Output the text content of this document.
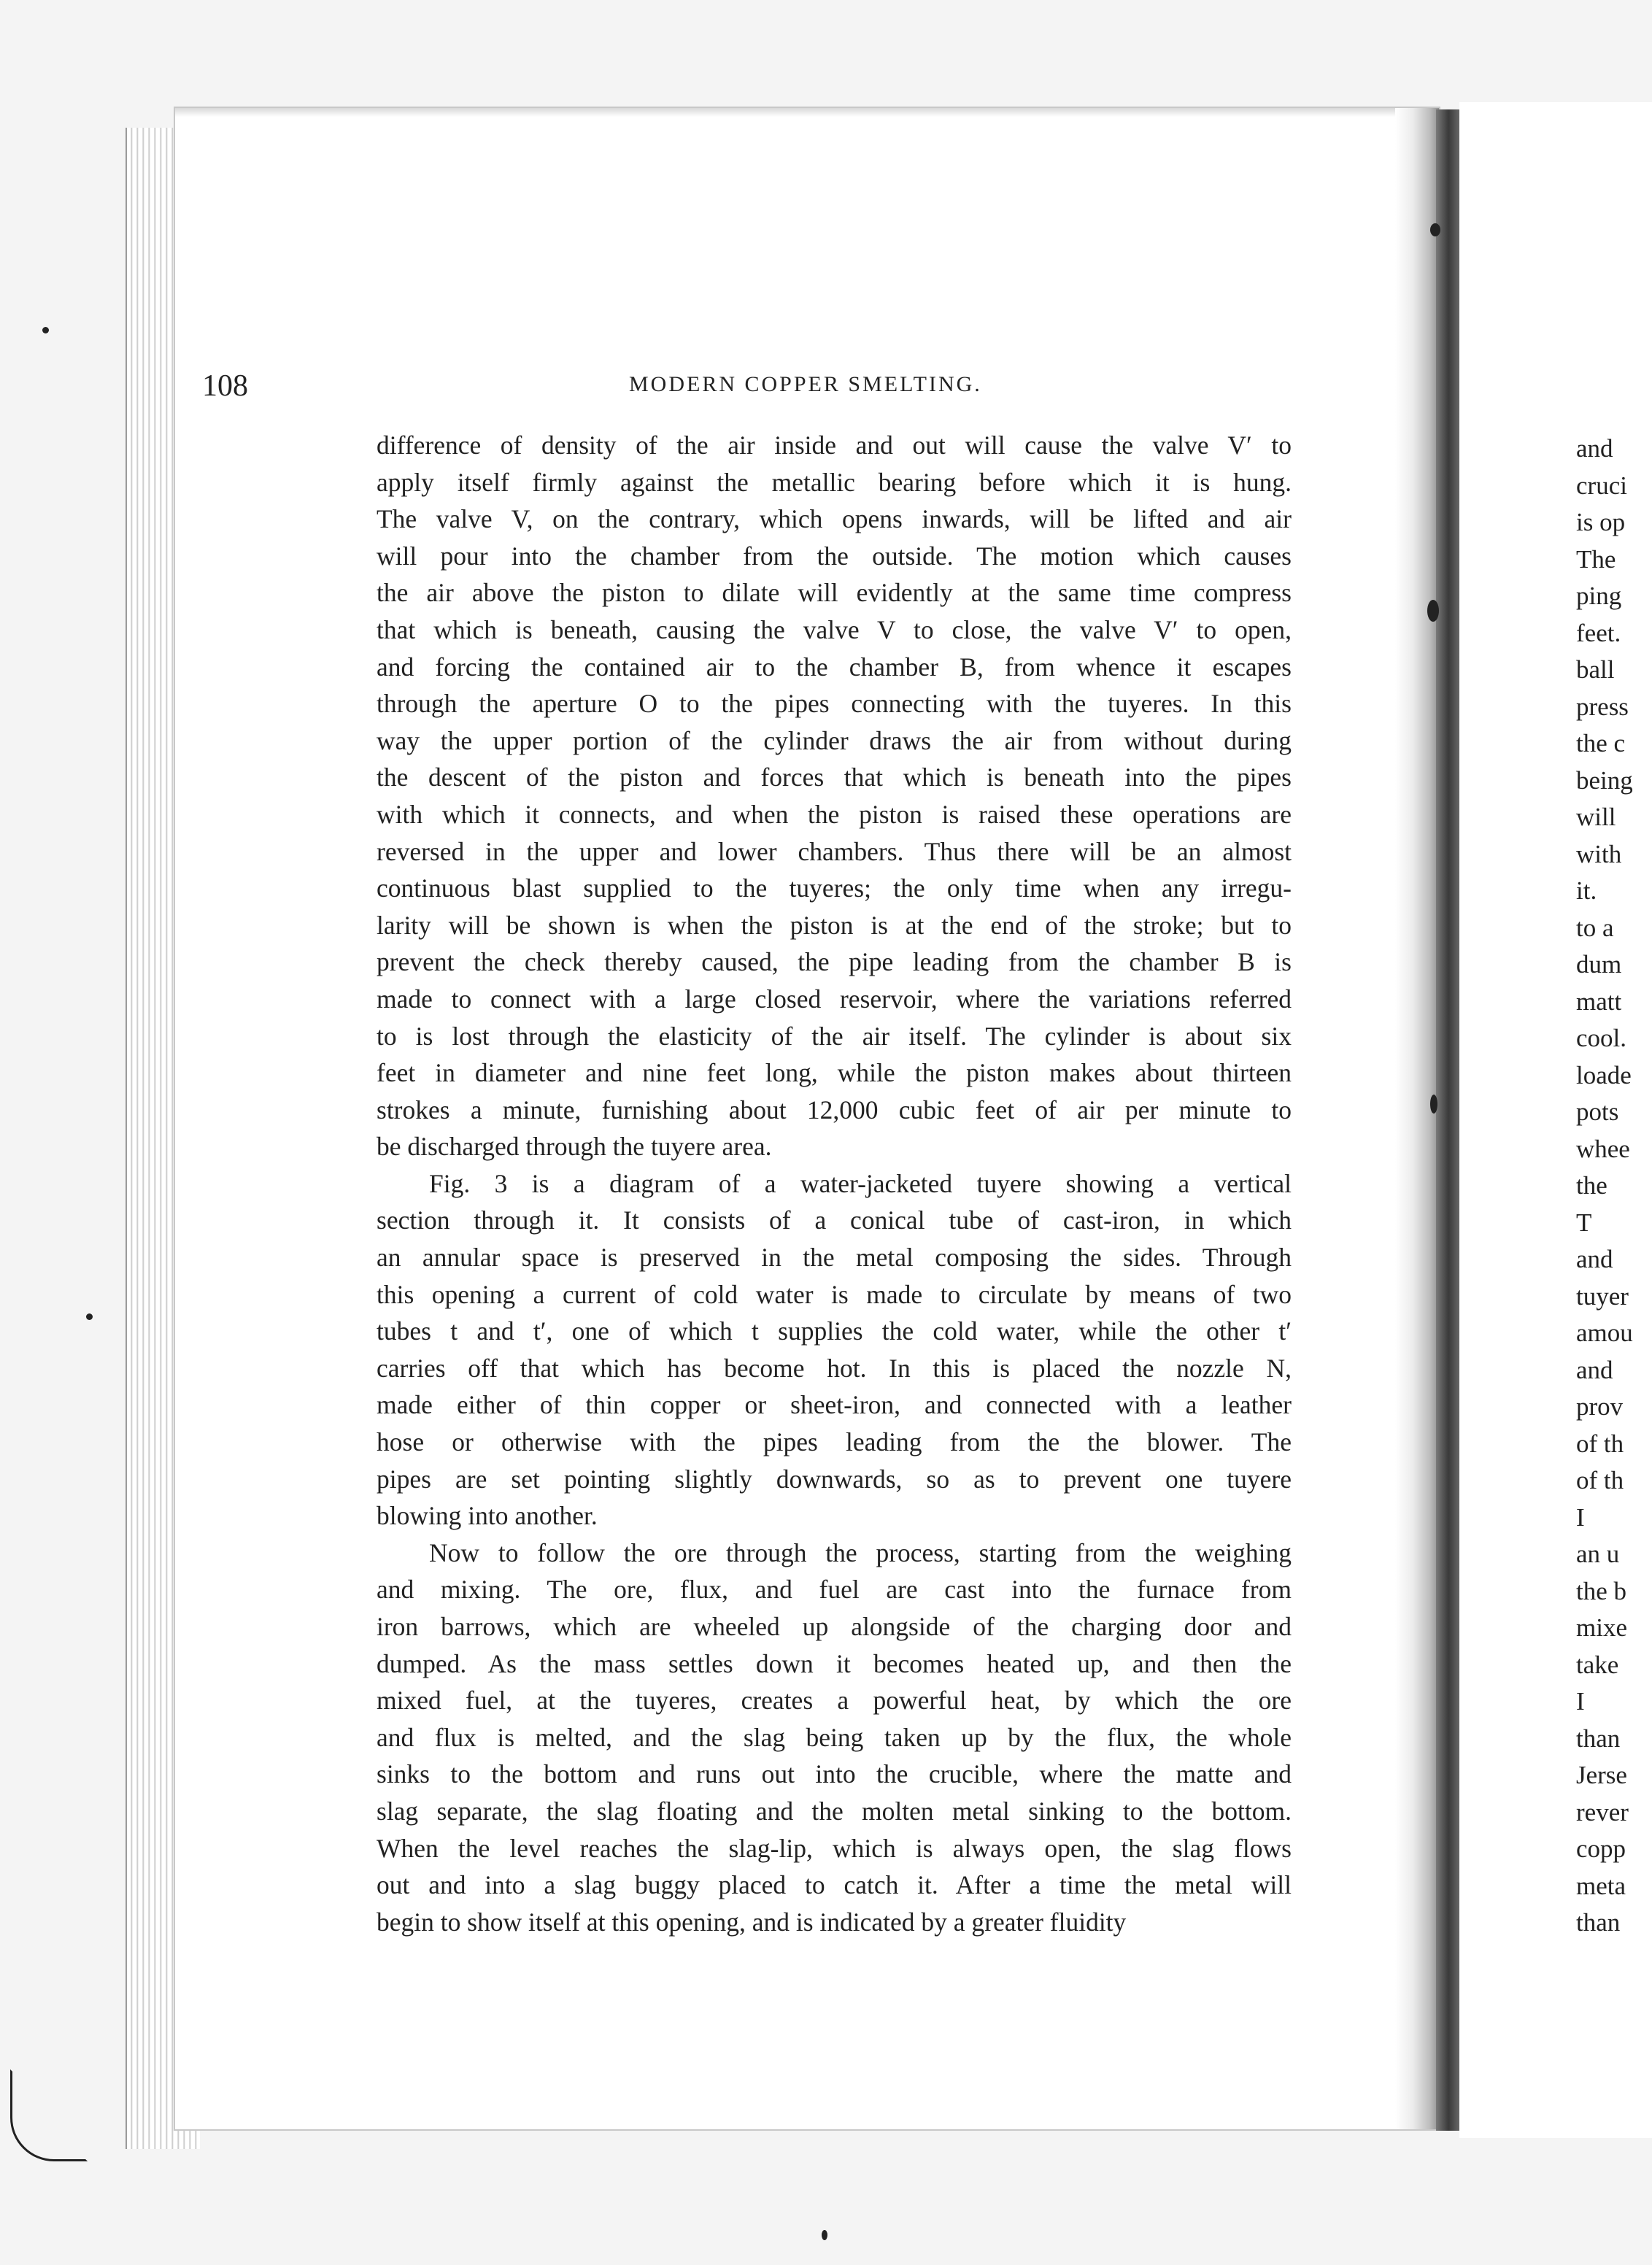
and
cruci
is op
The
ping
feet.
ball
press
the c
being
will
with
it.
to a
dum
matt
cool.
loade
pots
whee
the
T
and
tuyer
amou
and
prov
of th
of th
I
an u
the b
mixe
take
I
than
Jerse
rever
copp
meta
than
108	MODERN COPPER SMELTING.
difference of density of the air inside and out will cause the valve V′ to
apply itself firmly against the metallic bearing before which it is hung.
The valve V, on the contrary, which opens inwards, will be lifted and air
will pour into the chamber from the outside. The motion which causes
the air above the piston to dilate will evidently at the same time compress
that which is beneath, causing the valve V to close, the valve V′ to open,
and forcing the contained air to the chamber B, from whence it escapes
through the aperture O to the pipes connecting with the tuyeres. In this
way the upper portion of the cylinder draws the air from without during
the descent of the piston and forces that which is beneath into the pipes
with which it connects, and when the piston is raised these operations are
reversed in the upper and lower chambers. Thus there will be an almost
continuous blast supplied to the tuyeres; the only time when any irregu-
larity will be shown is when the piston is at the end of the stroke; but to
prevent the check thereby caused, the pipe leading from the chamber B is
made to connect with a large closed reservoir, where the variations referred
to is lost through the elasticity of the air itself. The cylinder is about six
feet in diameter and nine feet long, while the piston makes about thirteen
strokes a minute, furnishing about 12,000 cubic feet of air per minute to
be discharged through the tuyere area.
Fig. 3 is a diagram of a water-jacketed tuyere showing a vertical
section through it. It consists of a conical tube of cast-iron, in which
an annular space is preserved in the metal composing the sides. Through
this opening a current of cold water is made to circulate by means of two
tubes t and t′, one of which t supplies the cold water, while the other t′
carries off that which has become hot. In this is placed the nozzle N,
made either of thin copper or sheet-iron, and connected with a leather
hose or otherwise with the pipes leading from the the blower. The
pipes are set pointing slightly downwards, so as to prevent one tuyere
blowing into another.
Now to follow the ore through the process, starting from the weighing
and mixing. The ore, flux, and fuel are cast into the furnace from
iron barrows, which are wheeled up alongside of the charging door and
dumped. As the mass settles down it becomes heated up, and then the
mixed fuel, at the tuyeres, creates a powerful heat, by which the ore
and flux is melted, and the slag being taken up by the flux, the whole
sinks to the bottom and runs out into the crucible, where the matte and
slag separate, the slag floating and the molten metal sinking to the bottom.
When the level reaches the slag-lip, which is always open, the slag flows
out and into a slag buggy placed to catch it. After a time the metal will
begin to show itself at this opening, and is indicated by a greater fluidity
